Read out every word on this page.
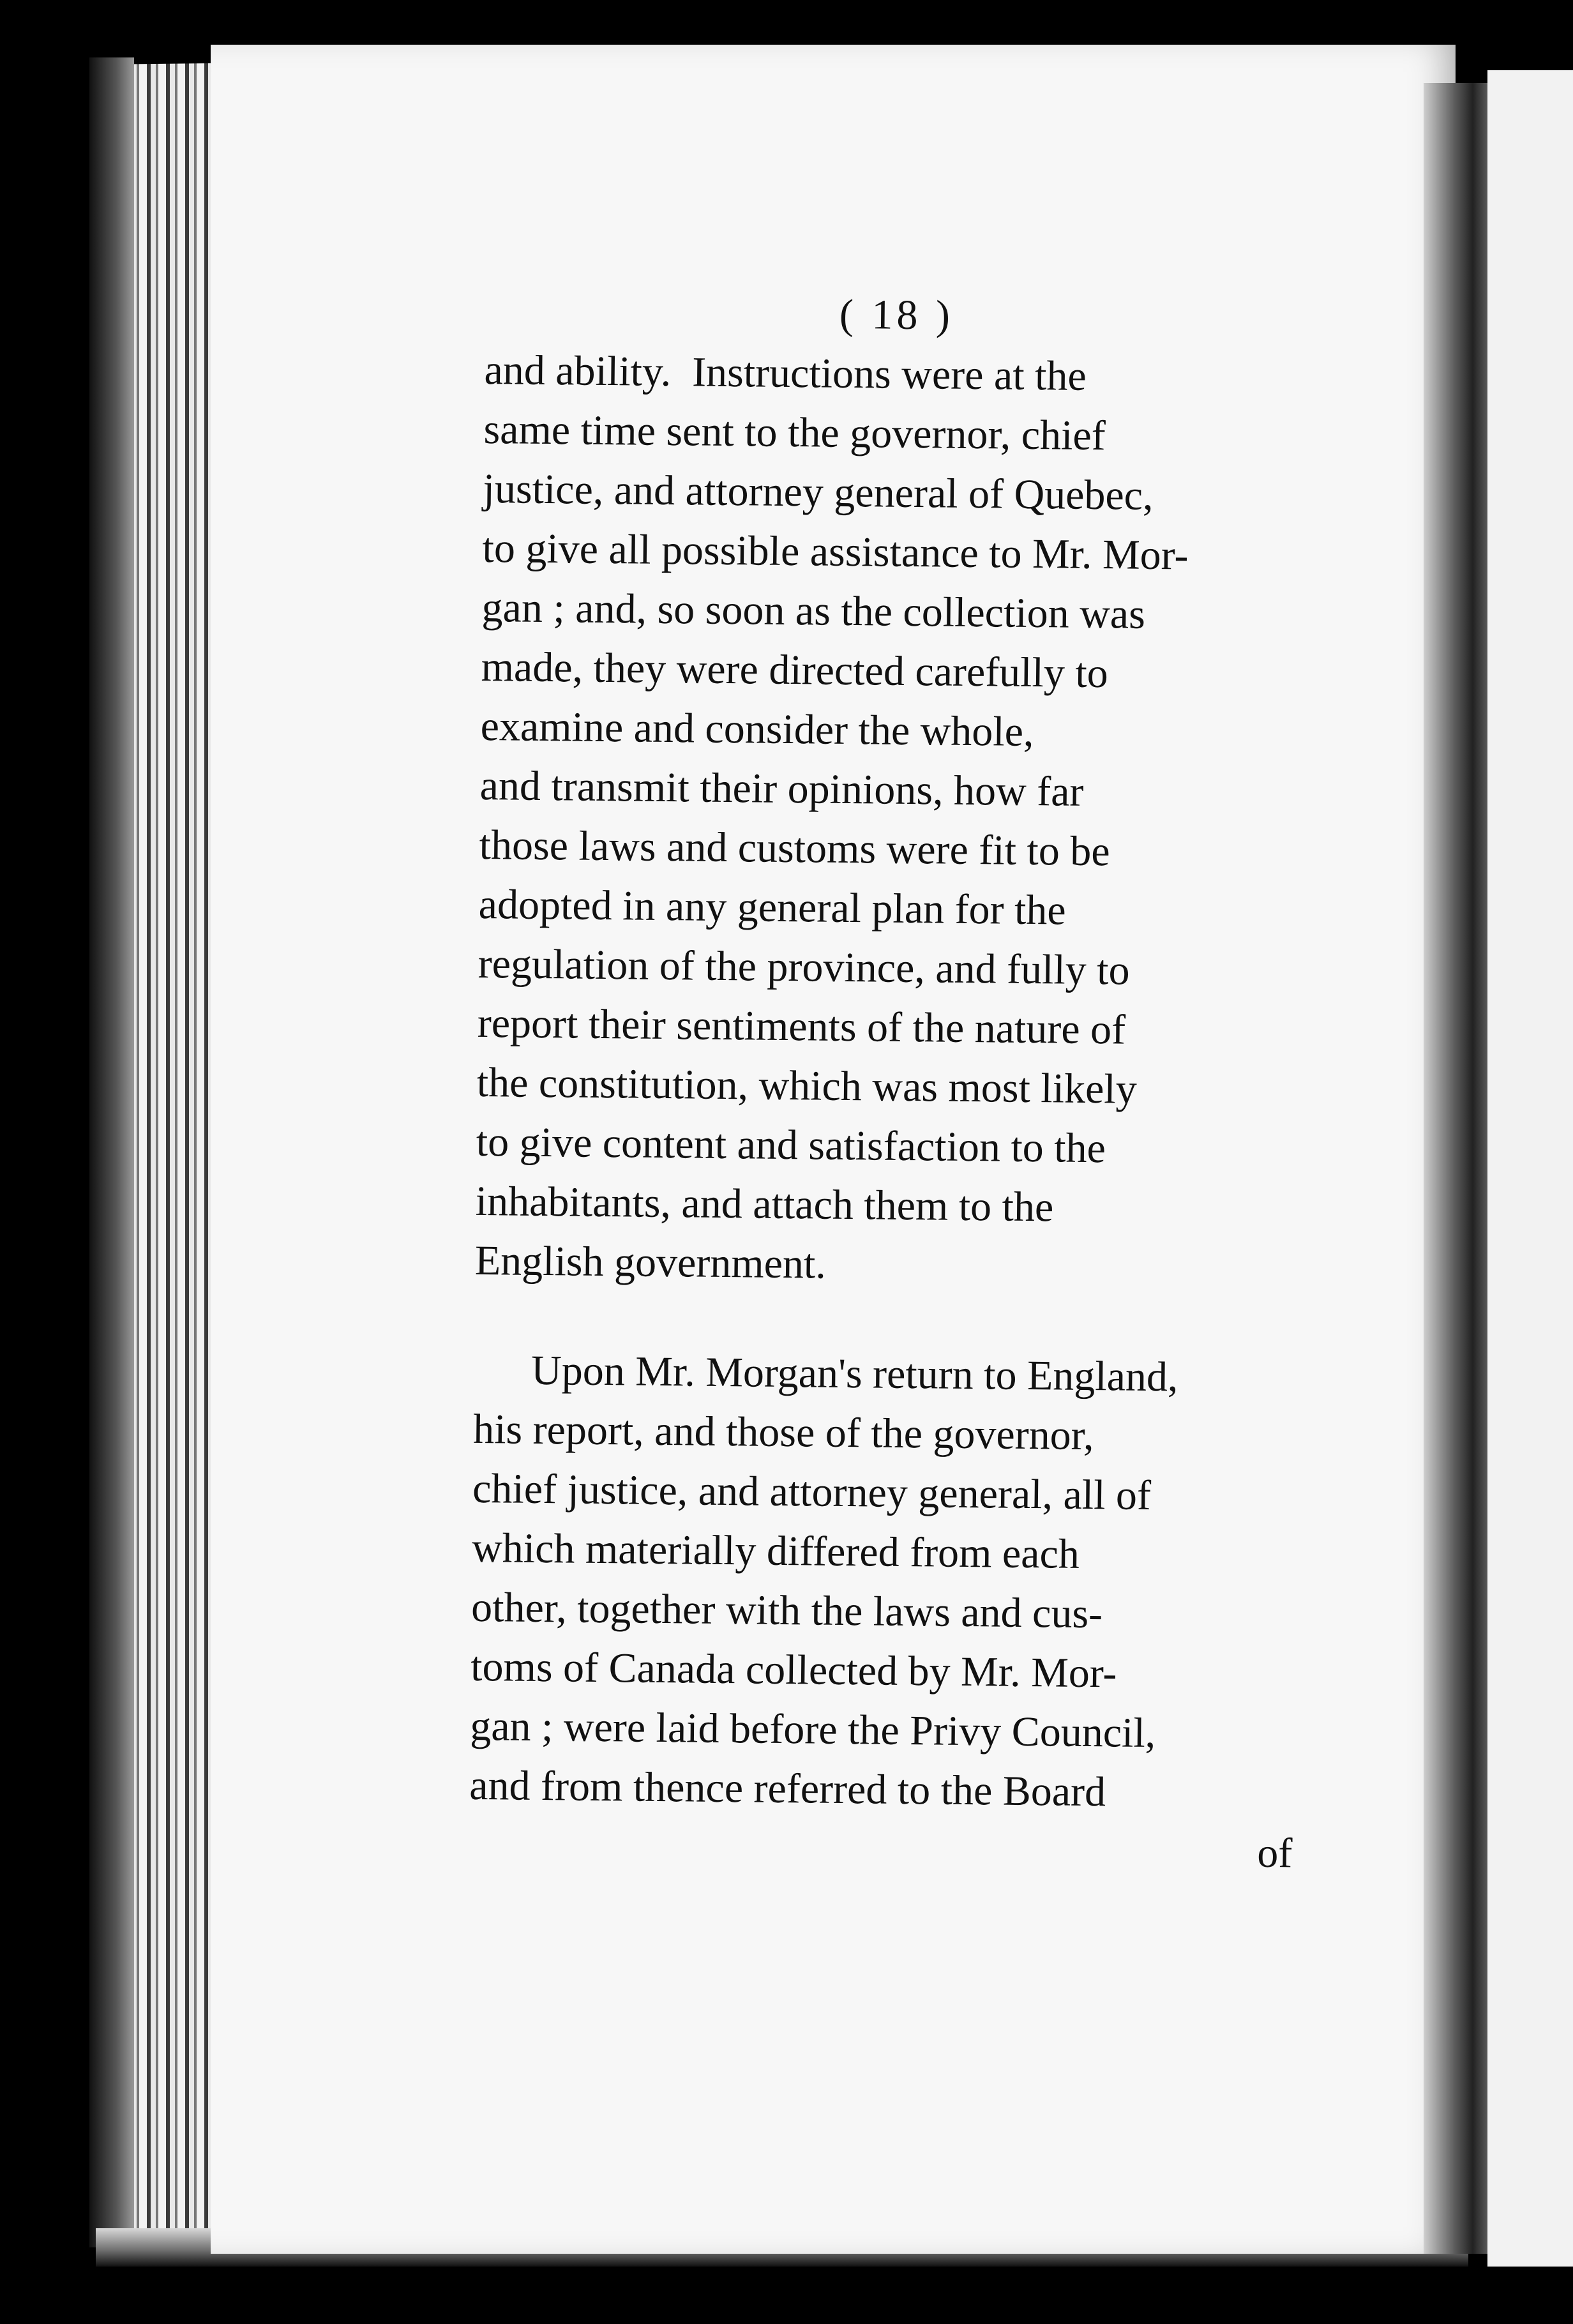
( 18 )
and ability.  Instructions were at the
same time sent to the governor, chief
justice, and attorney general of Quebec,
to give all possible assistance to Mr. Mor-
gan ; and, so soon as the collection was
made, they were directed carefully to
examine and consider the whole,
and transmit their opinions, how far
those laws and customs were fit to be
adopted in any general plan for the
regulation of the province, and fully to
report their sentiments of the nature of
the constitution, which was most likely
to give content and satisfaction to the
inhabitants, and attach them to the
English government.
Upon Mr. Morgan's return to England,
his report, and those of the governor,
chief justice, and attorney general, all of
which materially differed from each
other, together with the laws and cus-
toms of Canada collected by Mr. Mor-
gan ; were laid before the Privy Council,
and from thence referred to the Board
of
